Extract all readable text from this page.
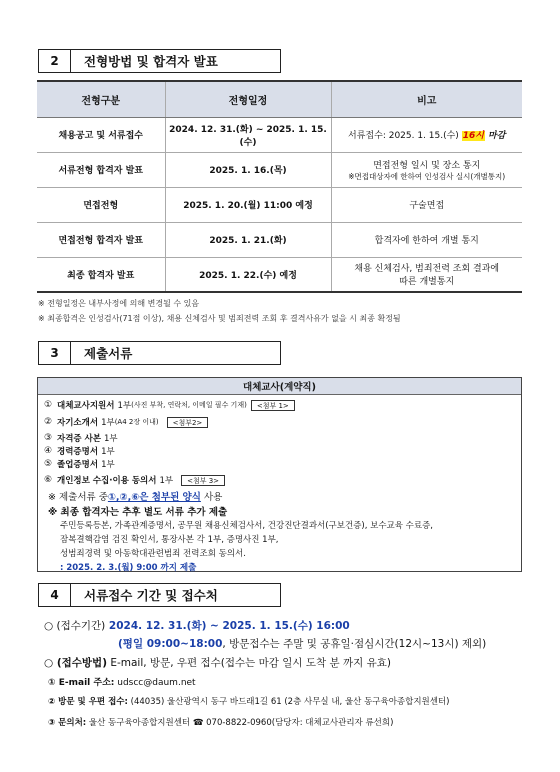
2	전형방법 및 합격자 발표
전형구분	전형일정	비고
채용공고 및 서류접수	2024. 12. 31.(화) ~ 2025. 1. 15.(수)	서류접수: 2025. 1. 15.(수) 16시 마감
서류전형 합격자 발표	2025. 1. 16.(목)	면접전형 일시 및 장소 통지
※면접대상자에 한하여 인성검사 실시(개별통지)

면접전형	2025. 1. 20.(월) 11:00 예정	구술면접
면접전형 합격자 발표	2025. 1. 21.(화)	합격자에 한하여 개별 통지
최종 합격자 발표	2025. 1. 22.(수) 예정	채용 신체검사, 범죄전력 조회 결과에
따른 개별통지
※ 전형일정은 내부사정에 의해 변경될 수 있음
※ 최종합격은 인성검사(71점 이상), 채용 신체검사 및 범죄전력 조회 후 결격사유가 없을 시 최종 확정됨
3	제출서류
대체교사(계약직)
① 대체교사지원서 1부 (사진 부착, 연락처, 이메일 필수 기재)	<첨부 1>
② 자기소개서 1부 (A4 2장 이내)	<첨부2>
③ 자격증 사본 1부
④ 경력증명서 1부
⑤ 졸업증명서 1부
⑥ 개인정보 수집·이용 동의서 1부	<첨부 3>
※ 제출서류 중 ①,②,⑥은 첨부된 양식 사용
※ 최종 합격자는 추후 별도 서류 추가 제출
주민등록등본, 가족관계증명서, 공무원 채용신체검사서, 건강진단결과서(구보건증), 보수교육 수료증,
잠복결핵감염 검진 확인서, 통장사본 각 1부, 증명사진 1부,
성범죄경력 및 아동학대관련범죄 전력조회 동의서.
: 2025. 2. 3.(월) 9:00 까지 제출
4	서류접수 기간 및 접수처
○ (접수기간) 2024. 12. 31.(화) ~ 2025. 1. 15.(수) 16:00
(평일 09:00~18:00, 방문접수는 주말 및 공휴일·점심시간(12시~13시) 제외)
○ (접수방법) E-mail, 방문, 우편 접수(접수는 마감 일시 도착 분 까지 유효)
① E-mail 주소: udscc@daum.net
② 방문 및 우편 접수: (44035) 울산광역시 동구 바드래1길 61 (2층 사무실 내, 울산 동구육아종합지원센터)
③ 문의처: 울산 동구육아종합지원센터 ☎ 070-8822-0960(담당자: 대체교사관리자 류선희)
